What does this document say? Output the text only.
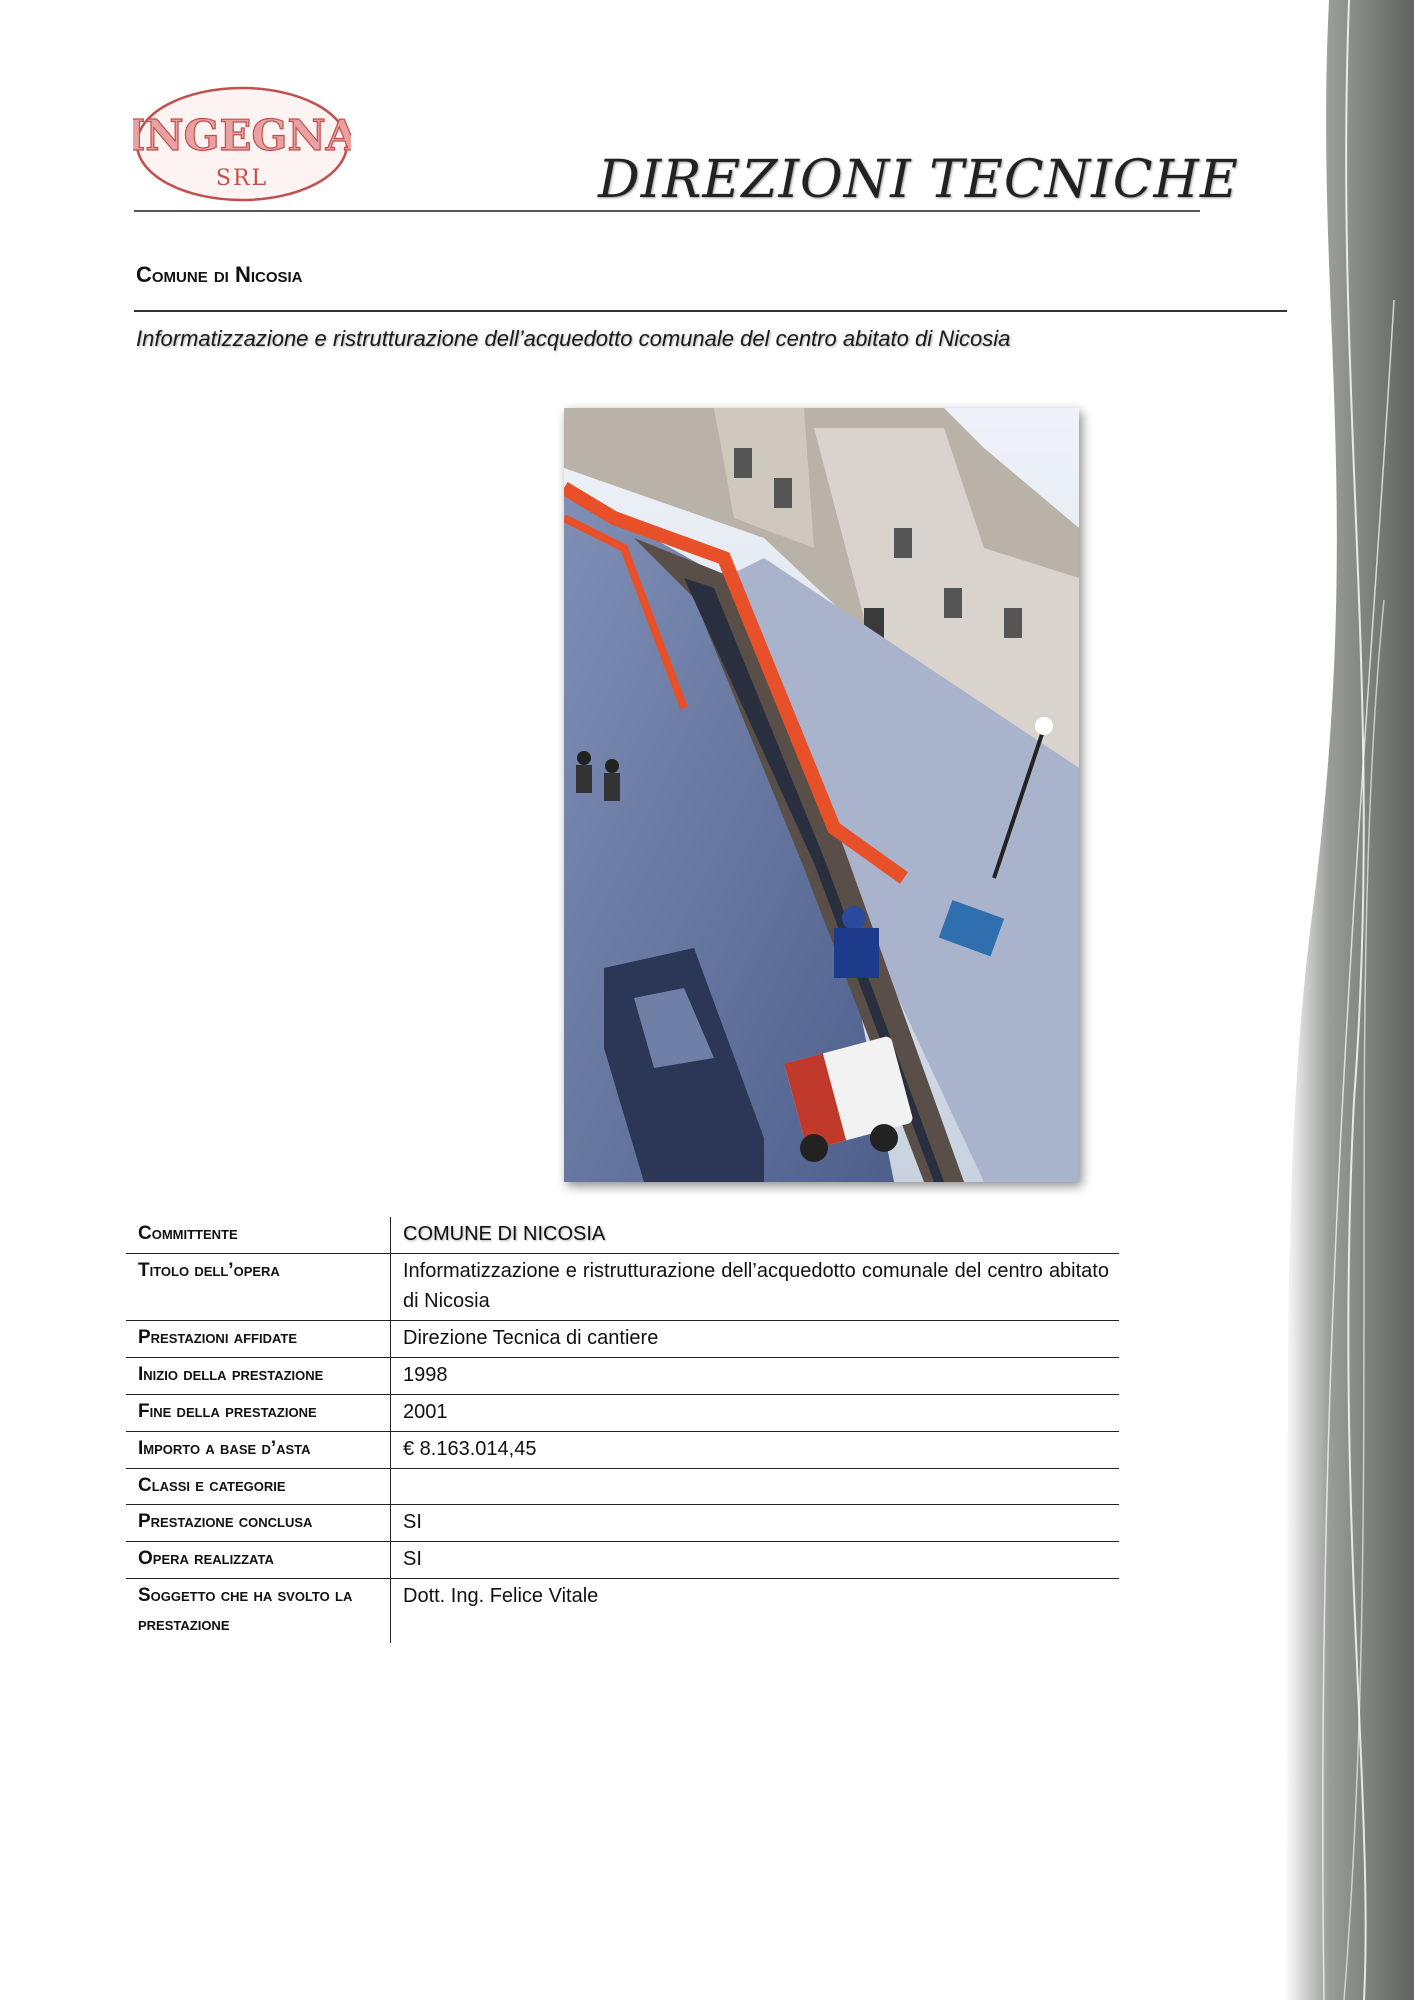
INGEGNA
SRL	DIREZIONI TECNICHE
Comune di Nicosia
Informatizzazione e ristrutturazione dell’acquedotto comunale del centro abitato di Nicosia
Committente	COMUNE DI NICOSIA
Titolo dell’opera	Informatizzazione e ristrutturazione dell’acquedotto comunale del centro abitato di Nicosia
Prestazioni affidate	Direzione Tecnica di cantiere
Inizio della prestazione	1998
Fine della prestazione	2001
Importo a base d’asta	€ 8.163.014,45
Classi e categorie	
Prestazione conclusa	SI
Opera realizzata	SI
Soggetto che ha svolto la prestazione	Dott. Ing. Felice Vitale
